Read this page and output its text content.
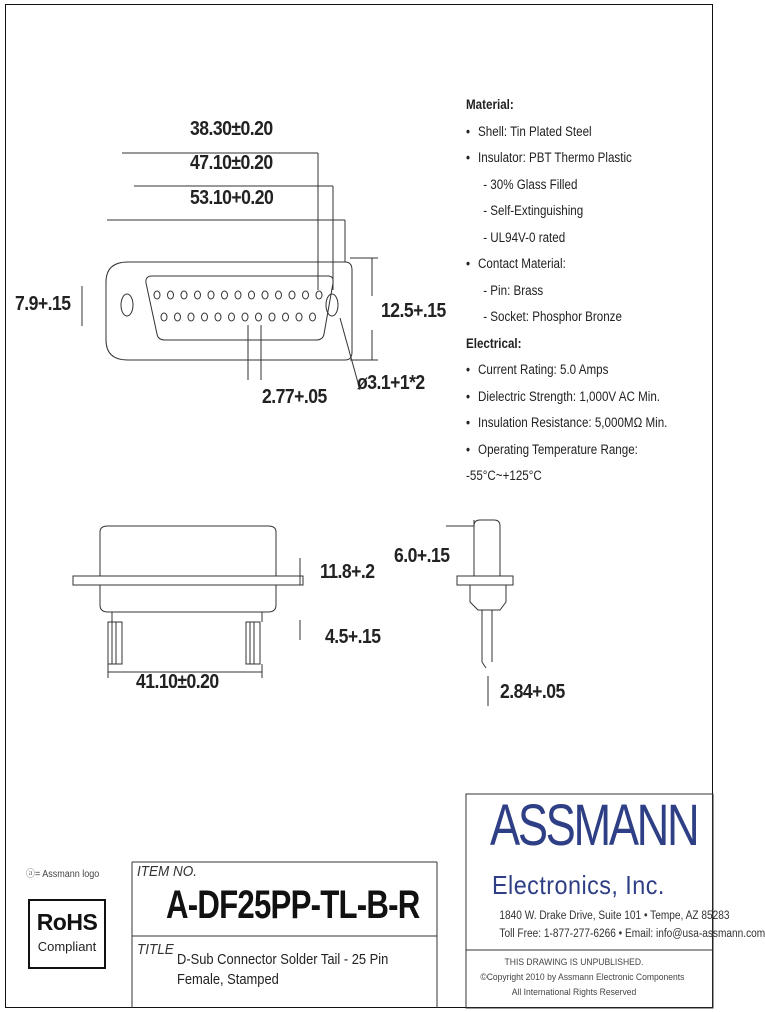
38.30±0.20
47.10±0.20
53.10+0.20
7.9+.15	12.5+.15
ø3.1+1*2
2.77+.05
11.8+.2
4.5+.15
41.10±0.20
6.0+.15
2.84+.05
Material:
• Shell: Tin Plated Steel
• Insulator: PBT Thermo Plastic
- 30% Glass Filled
- Self-Extinguishing
- UL94V-0 rated
• Contact Material:
- Pin: Brass
- Socket: Phosphor Bronze
Electrical:
• Current Rating: 5.0 Amps
• Dielectric Strength: 1,000V AC Min.
• Insulation Resistance: 5,000MΩ Min.
• Operating Temperature Range: -55°C~+125°C
ⓐ= Assmann logo
RoHS
Compliant
ITEM NO.
A-DF25PP-TL-B-R
TITLE
D-Sub Connector Solder Tail - 25 Pin Female, Stamped
ASSMANN
Electronics, Inc.
1840 W. Drake Drive, Suite 101 • Tempe, AZ 85283
Toll Free: 1-877-277-6266 • Email: info@usa-assmann.com
THIS DRAWING IS UNPUBLISHED.
©Copyright 2010 by Assmann Electronic Components
All International Rights Reserved
